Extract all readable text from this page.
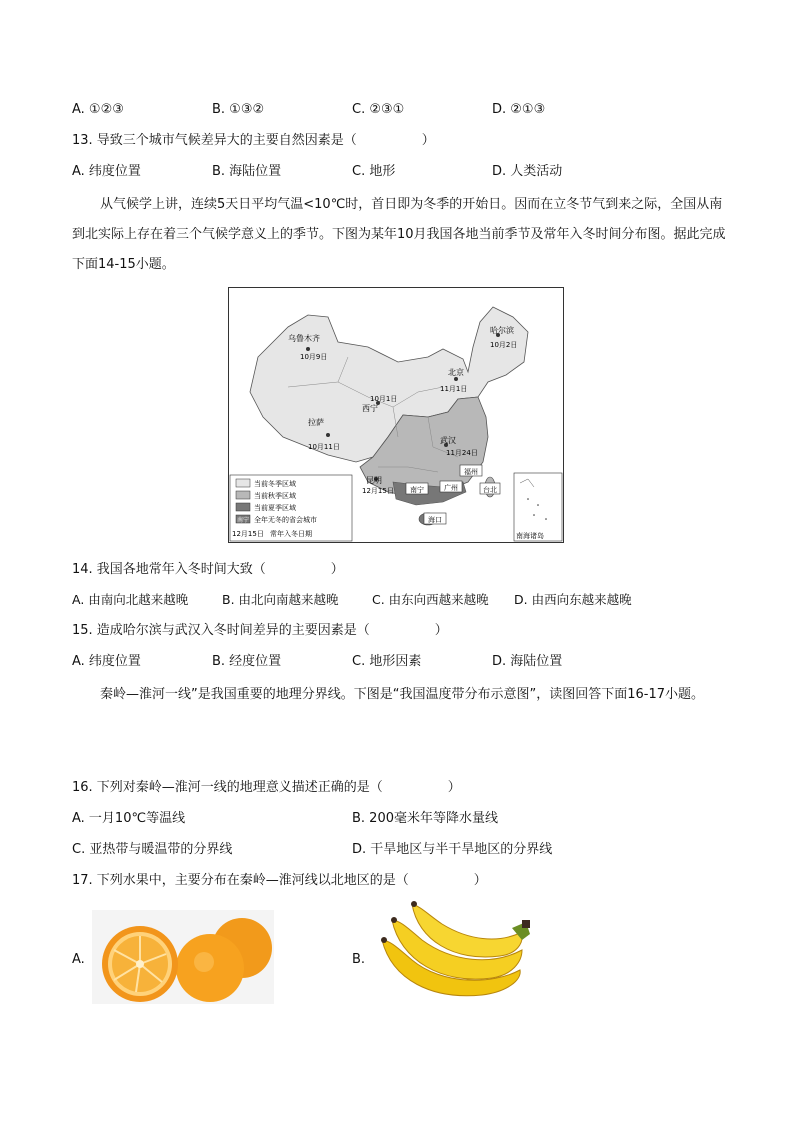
A. ①②③	B. ①③②	C. ②③①	D. ②①③
13. 导致三个城市气候差异大的主要自然因素是（　　　　　）
A. 纬度位置	B. 海陆位置	C. 地形	D. 人类活动
从气候学上讲，连续5天日平均气温<10℃时，首日即为冬季的开始日。因而在立冬节气到来之际，全国从南到北实际上存在着三个气候学意义上的季节。下图为某年10月我国各地当前季节及常年入冬时间分布图。据此完成下面14-15小题。
乌鲁木齐
10月9日
哈尔滨
10月2日
北京
11月1日
10月1日
西宁
拉萨
10月11日
武汉
11月24日
昆明
12月15日 南宁	广州
福州
台北
海口
当前冬季区域
当前秋季区域
当前夏季区域
南宁 全年无冬的省会城市
12月15日 常年入冬日期	南海诸岛
14. 我国各地常年入冬时间大致（　　　　　）
A. 由南向北越来越晚	B. 由北向南越来越晚	C. 由东向西越来越晚 D. 由西向东越来越晚
15. 造成哈尔滨与武汉入冬时间差异的主要因素是（　　　　　）
A. 纬度位置	B. 经度位置	C. 地形因素	D. 海陆位置
秦岭—淮河一线”是我国重要的地理分界线。下图是“我国温度带分布示意图”，读图回答下面16-17小题。
16. 下列对秦岭—淮河一线的地理意义描述正确的是（　　　　　）
A. 一月10℃等温线	B. 200毫米年等降水量线
C. 亚热带与暖温带的分界线	D. 干旱地区与半干旱地区的分界线
17. 下列水果中，主要分布在秦岭—淮河线以北地区的是（　　　　　）
A.	B.
